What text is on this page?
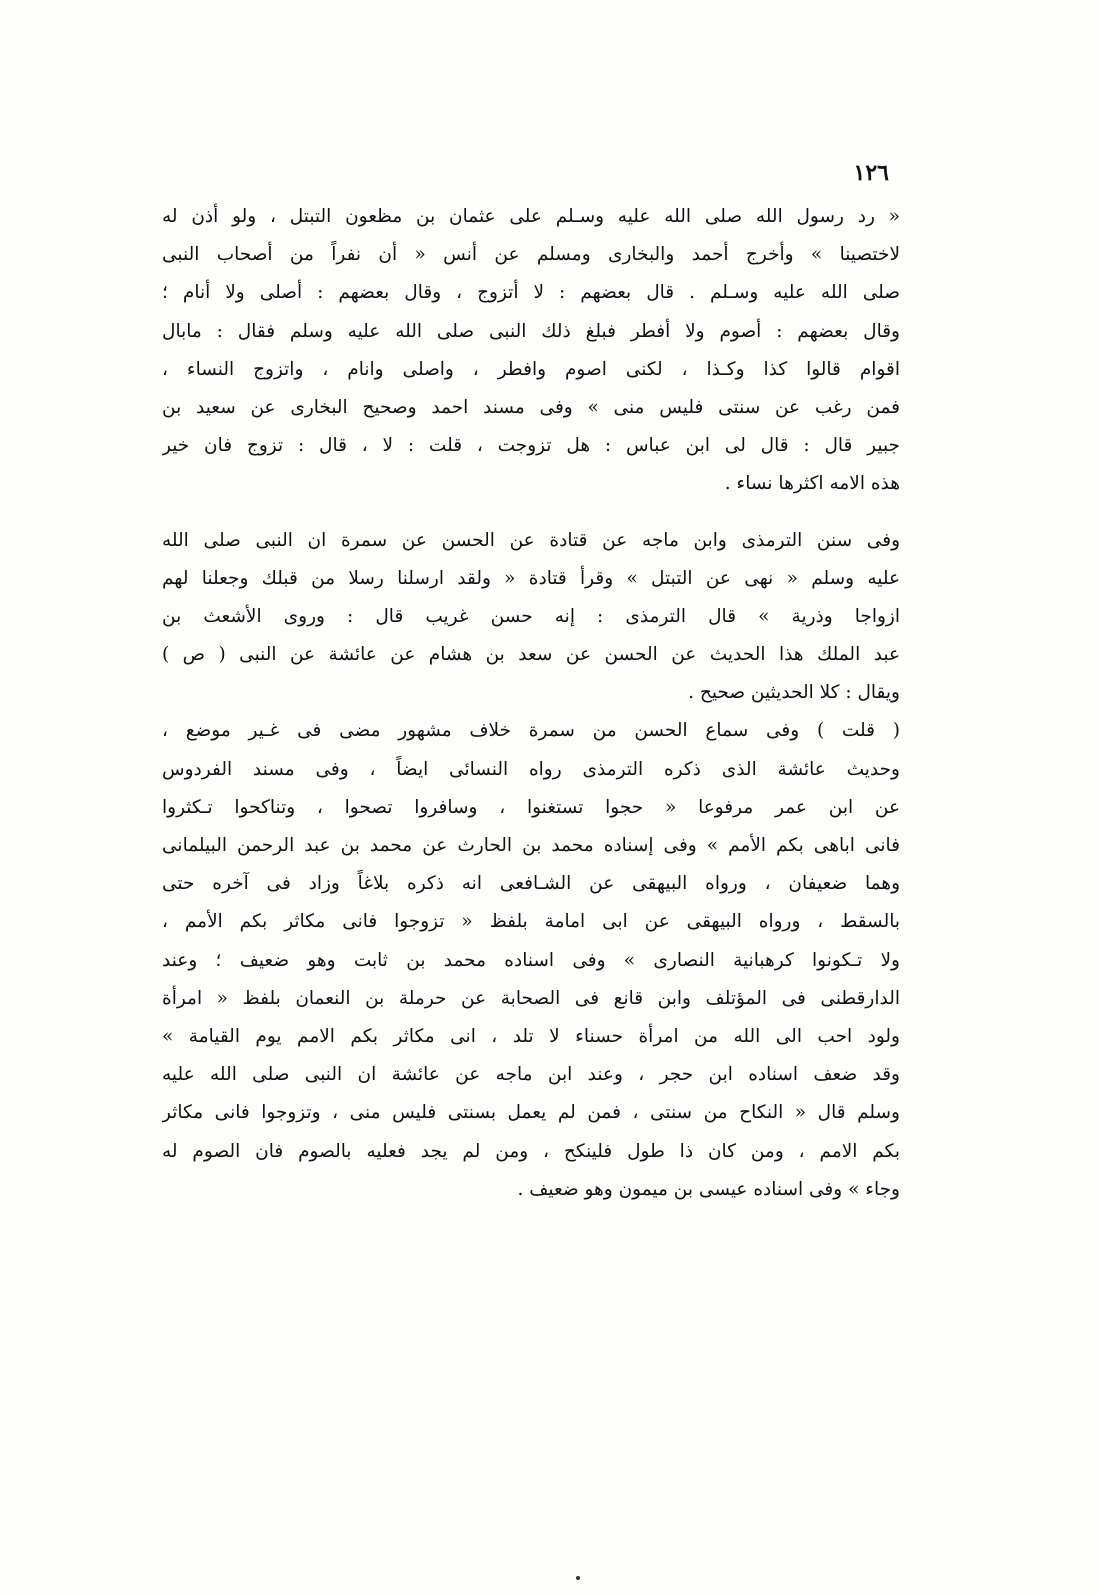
١٢٦
« رد رسول الله صلى الله عليه وسـلم على عثمان بن مظعون التبتل ، ولو أذن له
لاختصينا » وأخرج أحمد والبخارى ومسلم عن أنس « أن نفراً من أصحاب النبى
صلى الله عليه وسـلم . قال بعضهم : لا أتزوج ، وقال بعضهم : أصلى ولا أنام ؛
وقال بعضهم : أصوم ولا أفطر فبلغ ذلك النبى صلى الله عليه وسلم فقال : مابال
اقوام قالوا كذا وكـذا ، لكنى اصوم وافطر ، واصلى وانام ، واتزوج النساء ،
فمن رغب عن سنتى فليس منى » وفى مسند احمد وصحيح البخارى عن سعيد بن
جبير قال : قال لى ابن عباس : هل تزوجت ، قلت : لا ، قال : تزوج فان خير
هذه الامه اكثرها نساء .
وفى سنن الترمذى وابن ماجه عن قتادة عن الحسن عن سمرة ان النبى صلى الله
عليه وسلم « نهى عن التبتل » وقرأ قتادة « ولقد ارسلنا رسلا من قبلك وجعلنا لهم
ازواجا وذرية » قال الترمذى : إنه حسن غريب قال : وروى الأشعث بن
عبد الملك هذا الحديث عن الحسن عن سعد بن هشام عن عائشة عن النبى ( ص )
ويقال : كلا الحديثين صحيح .
( قلت ) وفى سماع الحسن من سمرة خلاف مشهور مضى فى غـير موضع ،
وحديث عائشة الذى ذكره الترمذى رواه النسائى ايضاً ، وفى مسند الفردوس
عن ابن عمر مرفوعا « حجوا تستغنوا ، وسافروا تصحوا ، وتناكحوا تـكثروا
فانى اباهى بكم الأمم » وفى إسناده محمد بن الحارث عن محمد بن عبد الرحمن البيلمانى
وهما ضعيفان ، ورواه البيهقى عن الشـافعى انه ذكره بلاغاً وزاد فى آخره حتى
بالسقط ، ورواه البيهقى عن ابى امامة بلفظ « تزوجوا فانى مكاثر بكم الأمم ،
ولا تـكونوا كرهبانية النصارى » وفى اسناده محمد بن ثابت وهو ضعيف ؛ وعند
الدارقطنى فى المؤتلف وابن قانع فى الصحابة عن حرملة بن النعمان بلفظ « امرأة
ولود احب الى الله من امرأة حسناء لا تلد ، انى مكاثر بكم الامم يوم القيامة »
وقد ضعف اسناده ابن حجر ، وعند ابن ماجه عن عائشة ان النبى صلى الله عليه
وسلم قال « النكاح من سنتى ، فمن لم يعمل بسنتى فليس منى ، وتزوجوا فانى مكاثر
بكم الامم ، ومن كان ذا طول فلينكح ، ومن لم يجد فعليه بالصوم فان الصوم له
وجاء » وفى اسناده عيسى بن ميمون وهو ضعيف .
